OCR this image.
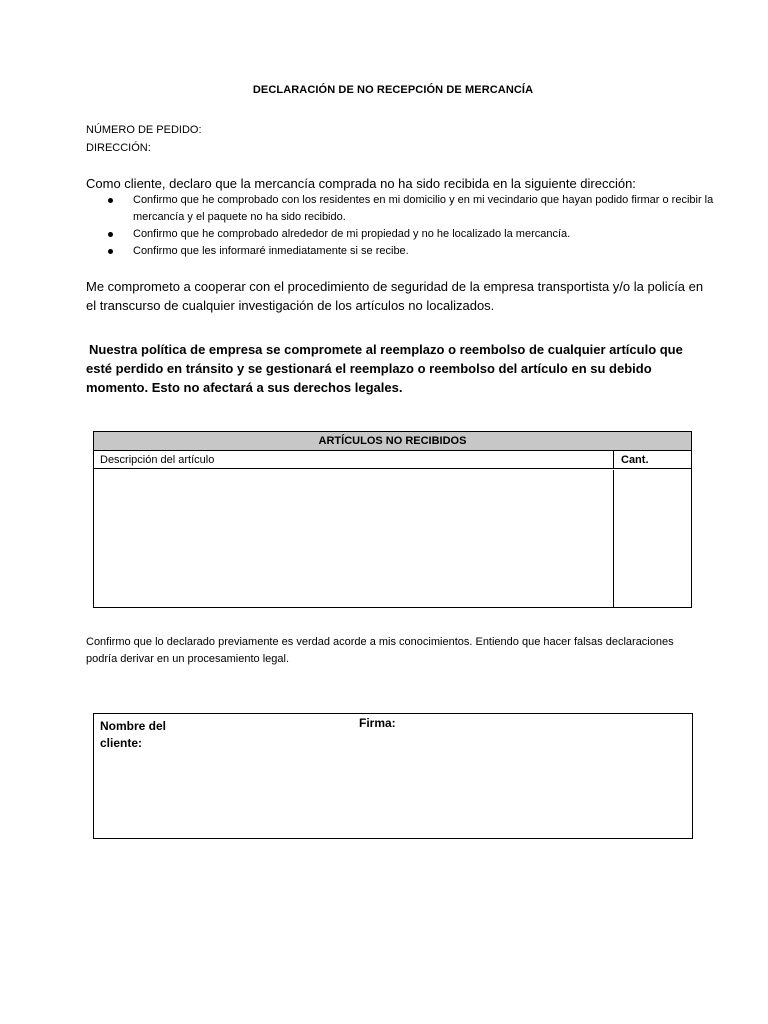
DECLARACIÓN DE NO RECEPCIÓN DE MERCANCÍA
NÚMERO DE PEDIDO:
DIRECCIÓN:
Como cliente, declaro que la mercancía comprada no ha sido recibida en la siguiente dirección:
Confirmo que he comprobado con los residentes en mi domicilio y en mi vecindario que hayan podido firmar o recibir la mercancía y el paquete no ha sido recibido.
Confirmo que he comprobado alrededor de mi propiedad y no he localizado la mercancía.
Confirmo que les informaré inmediatamente si se recibe.
Me comprometo a cooperar con el procedimiento de seguridad de la empresa transportista y/o la policía en el transcurso de cualquier investigación de los artículos no localizados.
Nuestra política de empresa se compromete al reemplazo o reembolso de cualquier artículo que esté perdido en tránsito y se gestionará el reemplazo o reembolso del artículo en su debido momento. Esto no afectará a sus derechos legales.
ARTÍCULOS NO RECIBIDOS
Descripción del artículo	Cant.
Confirmo que lo declarado previamente es verdad acorde a mis conocimientos. Entiendo que hacer falsas declaraciones podría derivar en un procesamiento legal.
Nombre del cliente:
Firma:
